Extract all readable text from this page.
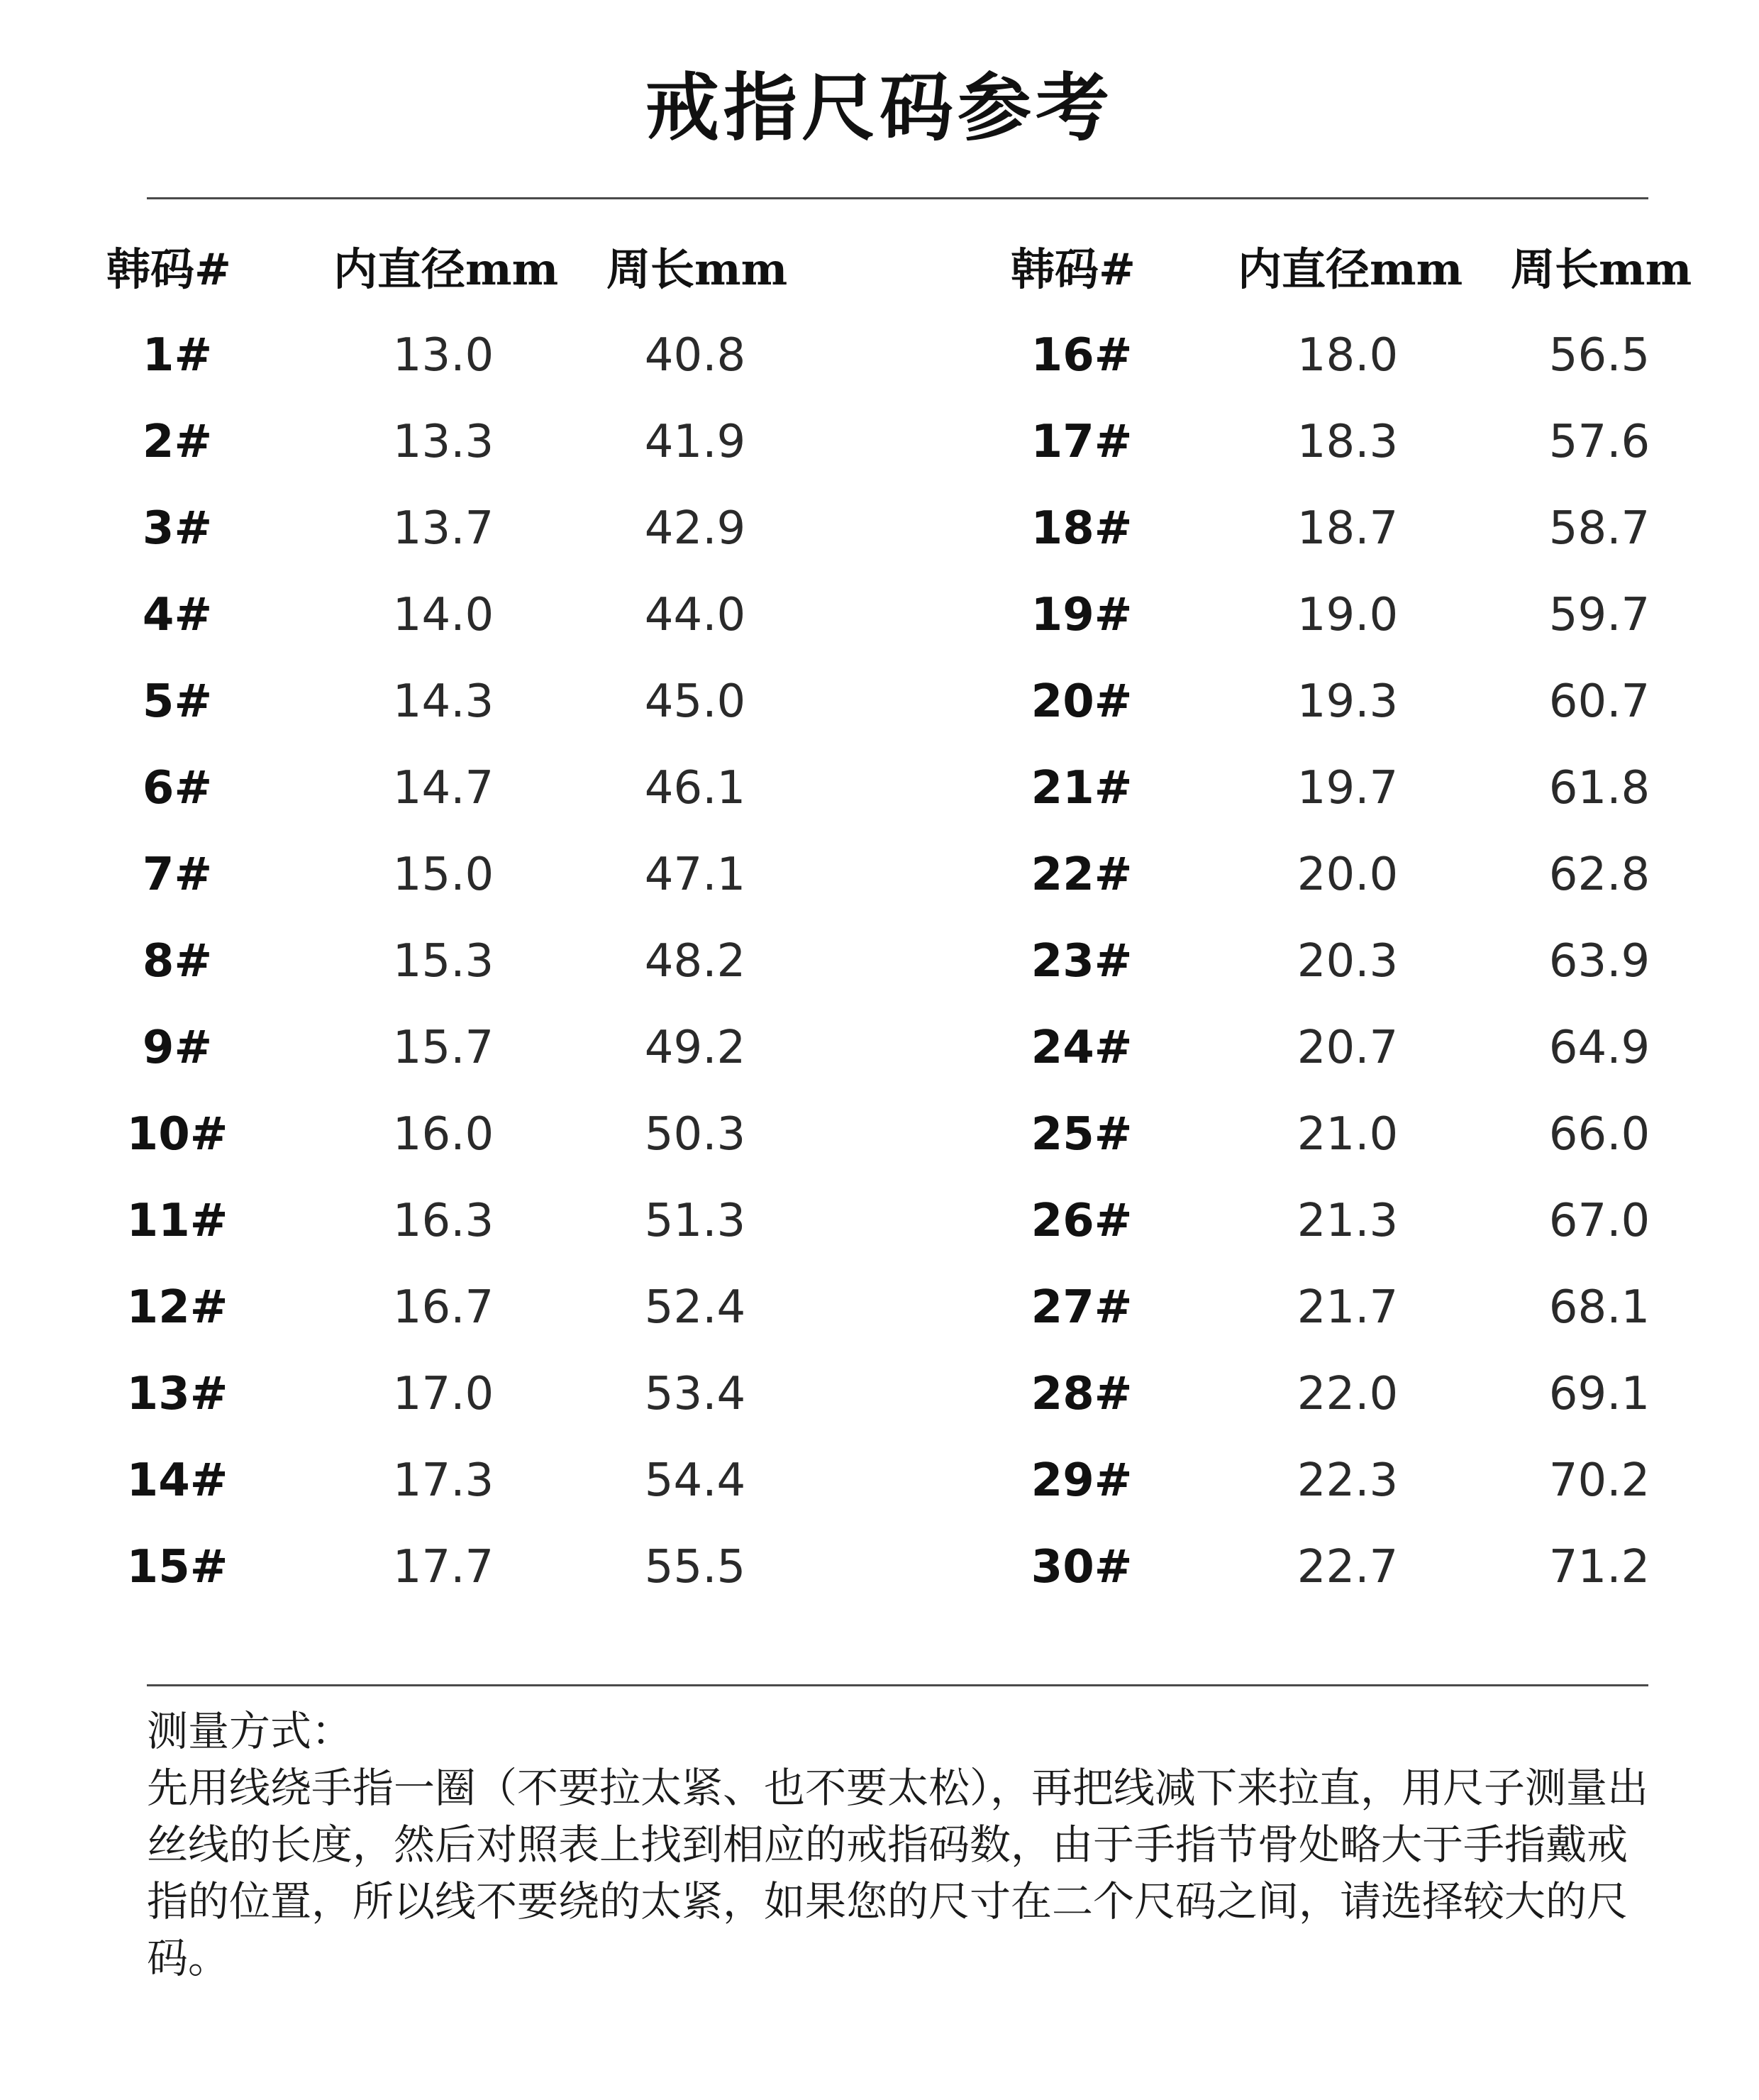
戒指尺码参考
韩码#	内直径mm 周长mm
1#	13.0	40.8
2#	13.3	41.9
3#	13.7	42.9
4#	14.0	44.0
5#	14.3	45.0
6#	14.7	46.1
7#	15.0	47.1
8#	15.3	48.2
9#	15.7	49.2
10#	16.0	50.3
11#	16.3	51.3
12#	16.7	52.4
13#	17.0	53.4
14#	17.3	54.4
15#	17.7	55.5
韩码#	内直径mm 周长mm
16#	18.0	56.5
17#	18.3	57.6
18#	18.7	58.7
19#	19.0	59.7
20#	19.3	60.7
21#	19.7	61.8
22#	20.0	62.8
23#	20.3	63.9
24#	20.7	64.9
25#	21.0	66.0
26#	21.3	67.0
27#	21.7	68.1
28#	22.0	69.1
29#	22.3	70.2
30#	22.7	71.2
测量方式：
先用线绕手指一圈（不要拉太紧、也不要太松），再把线减下来拉直，用尺子测量出丝线的长度，然后对照表上找到相应的戒指码数，由于手指节骨处略大于手指戴戒指的位置，所以线不要绕的太紧，如果您的尺寸在二个尺码之间，请选择较大的尺码。
